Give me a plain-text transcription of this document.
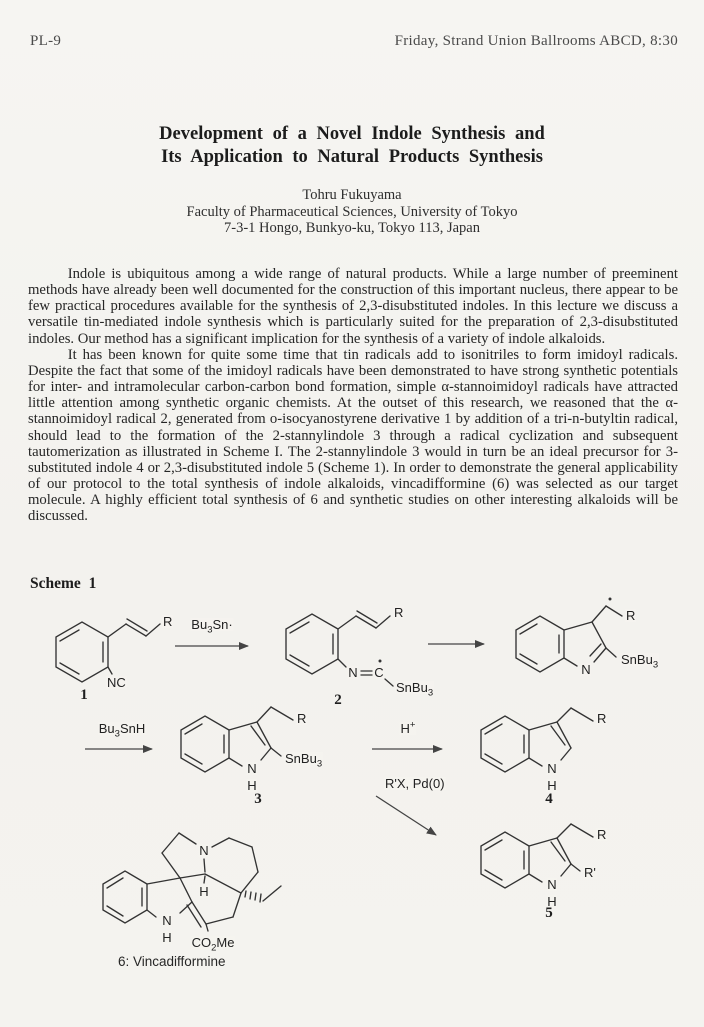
PL-9	Friday, Strand Union Ballrooms ABCD, 8:30
Development of a Novel Indole Synthesis and
Its Application to Natural Products Synthesis
Tohru Fukuyama
Faculty of Pharmaceutical Sciences, University of Tokyo
7-3-1 Hongo, Bunkyo-ku, Tokyo 113, Japan

Indole is ubiquitous among a wide range of natural products. While a large number of preeminent methods have already been well documented for the construction of this important nucleus, there appear to be few practical procedures available for the synthesis of 2,3-disubstituted indoles. In this lecture we discuss a versatile tin-mediated indole synthesis which is particularly suited for the preparation of 2,3-disubstituted indoles. Our method has a significant implication for the synthesis of a variety of indole alkaloids.

It has been known for quite some time that tin radicals add to isonitriles to form imidoyl radicals. Despite the fact that some of the imidoyl radicals have been demonstrated to have strong synthetic potentials for inter- and intramolecular carbon-carbon bond formation, simple α-stannoimidoyl radicals have attracted little attention among synthetic organic chemists. At the outset of this research, we reasoned that the α-stannoimidoyl radical 2, generated from o-isocyanostyrene derivative 1 by addition of a tri-n-butyltin radical, should lead to the formation of the 2-stannylindole 3 through a radical cyclization and subsequent tautomerization as illustrated in Scheme I. The 2-stannylindole 3 would in turn be an ideal precursor for 3-substituted indole 4 or 2,3-disubstituted indole 5 (Scheme 1). In order to demonstrate the general applicability of our protocol to the total synthesis of indole alkaloids, vincadifformine (6) was selected as our target molecule. A highly efficient total synthesis of 6 and synthetic studies on other interesting alkaloids will be discussed.

Scheme 1
R
NC
1
$Bu_3Sn\cdot$
R
N C
SnBu$_3$
2
R
N
SnBu$_3$
$Bu_3SnH$
R
N
H
SnBu$_3$
3
H+
R'X, Pd(0)
R
N
H
4
R
N
H
R'
5
N
H
N
H $CO_2Me$
6: Vincadifformine
